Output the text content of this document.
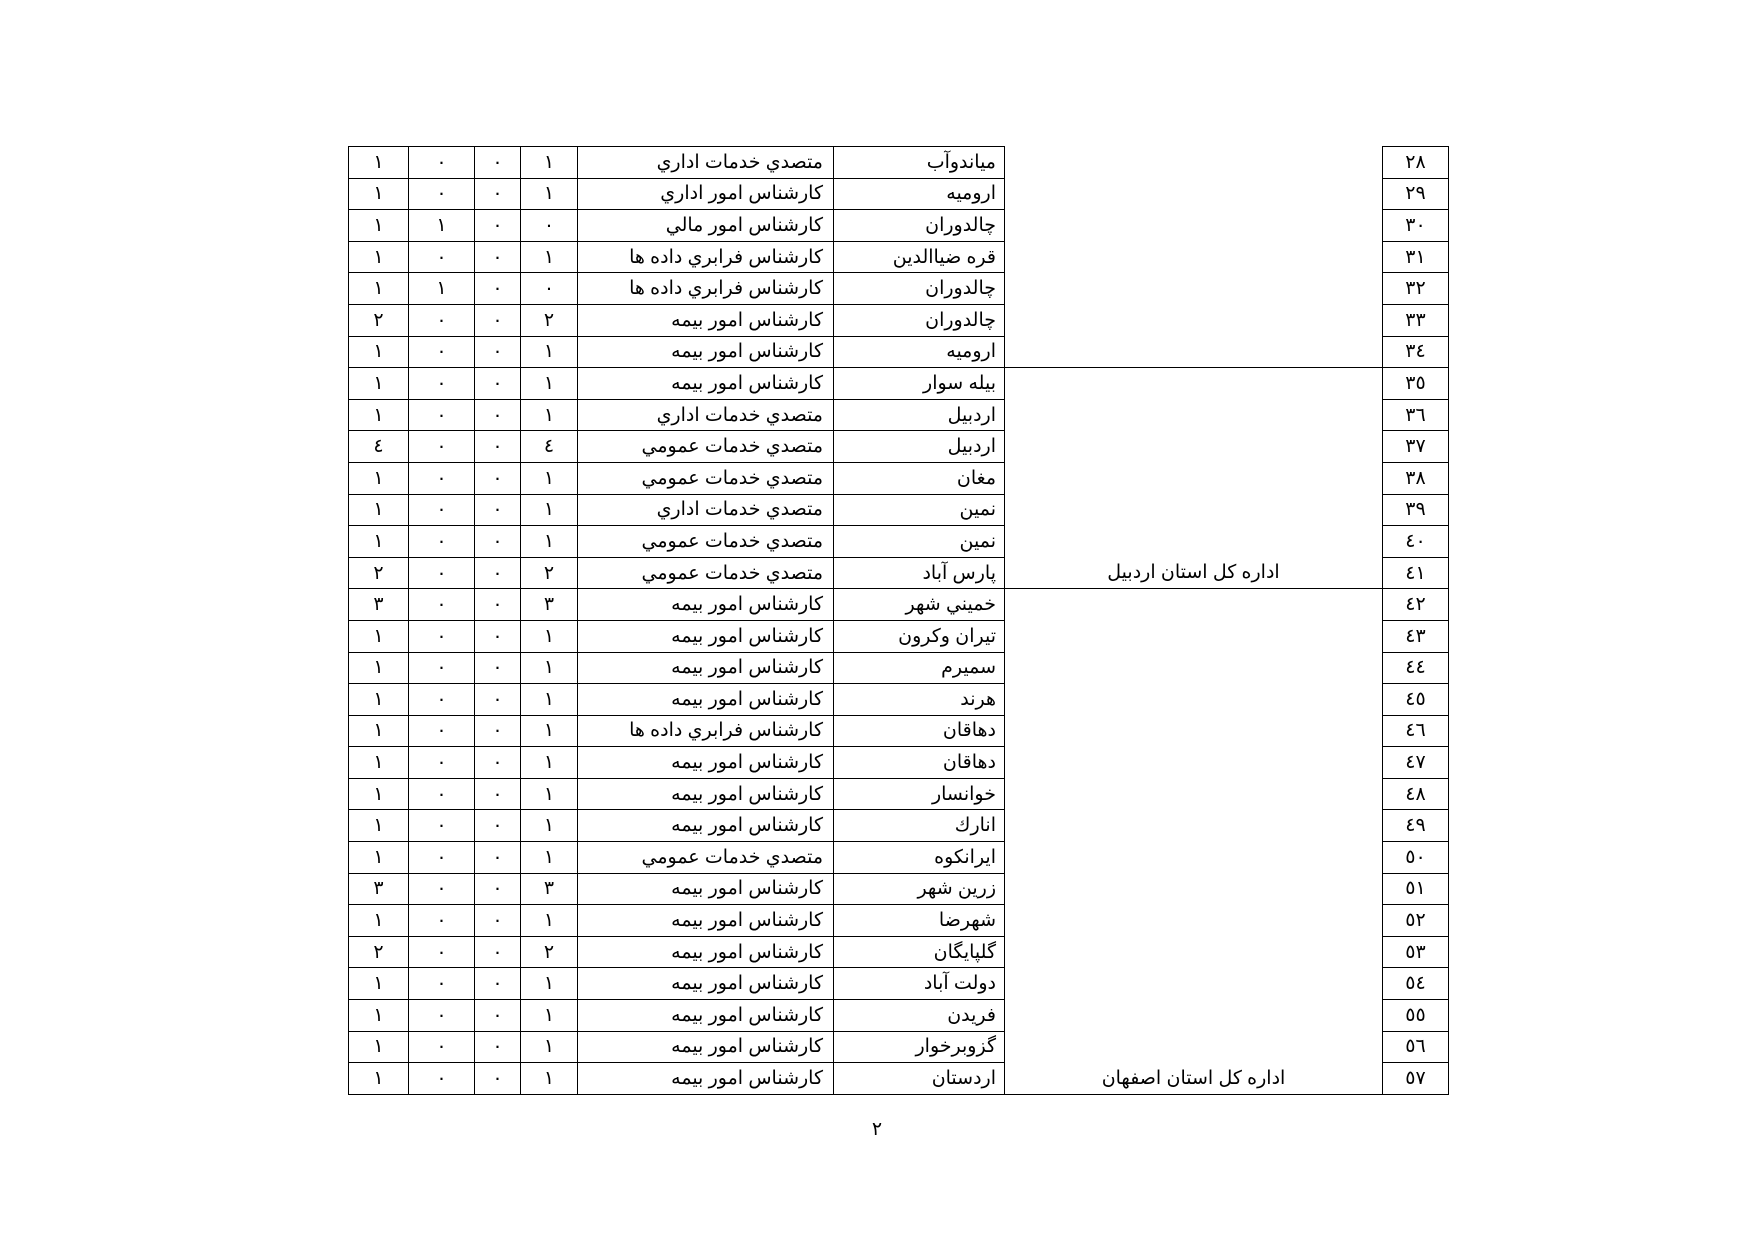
٢٨		میاندوآب	متصدي خدمات اداري	١	٠	٠	١
٢٩		ارومیه	كارشناس امور اداري	١	٠	٠	١
٣٠		چالدوران	كارشناس امور مالي	٠	٠	١	١
٣١		قره ضیاالدین	كارشناس فرابري داده ها	١	٠	٠	١
٣٢		چالدوران	كارشناس فرابري داده ها	٠	٠	١	١
٣٣		چالدوران	كارشناس امور بیمه	٢	٠	٠	٢
٣٤		ارومیه	كارشناس امور بیمه	١	٠	٠	١
٣٥		بیله سوار	كارشناس امور بیمه	١	٠	٠	١
٣٦		اردبیل	متصدي خدمات اداري	١	٠	٠	١
٣٧		اردبیل	متصدي خدمات عمومي	٤	٠	٠	٤
٣٨		مغان	متصدي خدمات عمومي	١	٠	٠	١
٣٩		نمین	متصدي خدمات اداري	١	٠	٠	١
٤٠		نمین	متصدي خدمات عمومي	١	٠	٠	١
٤١	اداره كل استان اردبیل	پارس آباد	متصدي خدمات عمومي	٢	٠	٠	٢
٤٢		خمیني شهر	كارشناس امور بیمه	٣	٠	٠	٣
٤٣		تیران وكرون	كارشناس امور بیمه	١	٠	٠	١
٤٤		سمیرم	كارشناس امور بیمه	١	٠	٠	١
٤٥		هرند	كارشناس امور بیمه	١	٠	٠	١
٤٦		دهاقان	كارشناس فرابري داده ها	١	٠	٠	١
٤٧		دهاقان	كارشناس امور بیمه	١	٠	٠	١
٤٨		خوانسار	كارشناس امور بیمه	١	٠	٠	١
٤٩		انارك	كارشناس امور بیمه	١	٠	٠	١
٥٠		ایرانكوه	متصدي خدمات عمومي	١	٠	٠	١
٥١		زرین شهر	كارشناس امور بیمه	٣	٠	٠	٣
٥٢		شهرضا	كارشناس امور بیمه	١	٠	٠	١
٥٣		گلپایگان	كارشناس امور بیمه	٢	٠	٠	٢
٥٤		دولت آباد	كارشناس امور بیمه	١	٠	٠	١
٥٥		فریدن	كارشناس امور بیمه	١	٠	٠	١
٥٦		گزوبرخوار	كارشناس امور بیمه	١	٠	٠	١
٥٧	اداره كل استان اصفهان	اردستان	كارشناس امور بیمه	١	٠	٠	١
٢
